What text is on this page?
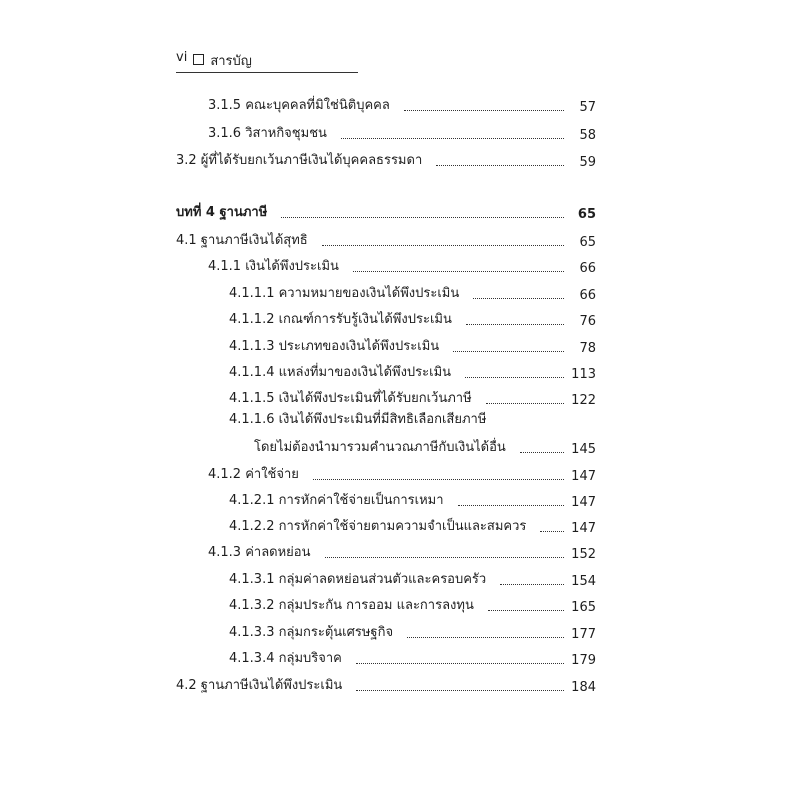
vi สารบัญ
3.1.5 คณะบุคคลที่มิใช่นิติบุคคล	57
3.1.6 วิสาหกิจชุมชน	58
3.2 ผู้ที่ได้รับยกเว้นภาษีเงินได้บุคคลธรรมดา	59
บทที่ 4 ฐานภาษี	65
4.1 ฐานภาษีเงินได้สุทธิ	65
4.1.1 เงินได้พึงประเมิน	66
4.1.1.1 ความหมายของเงินได้พึงประเมิน	66
4.1.1.2 เกณฑ์การรับรู้เงินได้พึงประเมิน	76
4.1.1.3 ประเภทของเงินได้พึงประเมิน	78
4.1.1.4 แหล่งที่มาของเงินได้พึงประเมิน	113
4.1.1.5 เงินได้พึงประเมินที่ได้รับยกเว้นภาษี	122
4.1.1.6 เงินได้พึงประเมินที่มีสิทธิเลือกเสียภาษี
โดยไม่ต้องนำมารวมคำนวณภาษีกับเงินได้อื่น	145
4.1.2 ค่าใช้จ่าย	147
4.1.2.1 การหักค่าใช้จ่ายเป็นการเหมา	147
4.1.2.2 การหักค่าใช้จ่ายตามความจำเป็นและสมควร	147
4.1.3 ค่าลดหย่อน	152
4.1.3.1 กลุ่มค่าลดหย่อนส่วนตัวและครอบครัว	154
4.1.3.2 กลุ่มประกัน การออม และการลงทุน	165
4.1.3.3 กลุ่มกระตุ้นเศรษฐกิจ	177
4.1.3.4 กลุ่มบริจาค	179
4.2 ฐานภาษีเงินได้พึงประเมิน	184
